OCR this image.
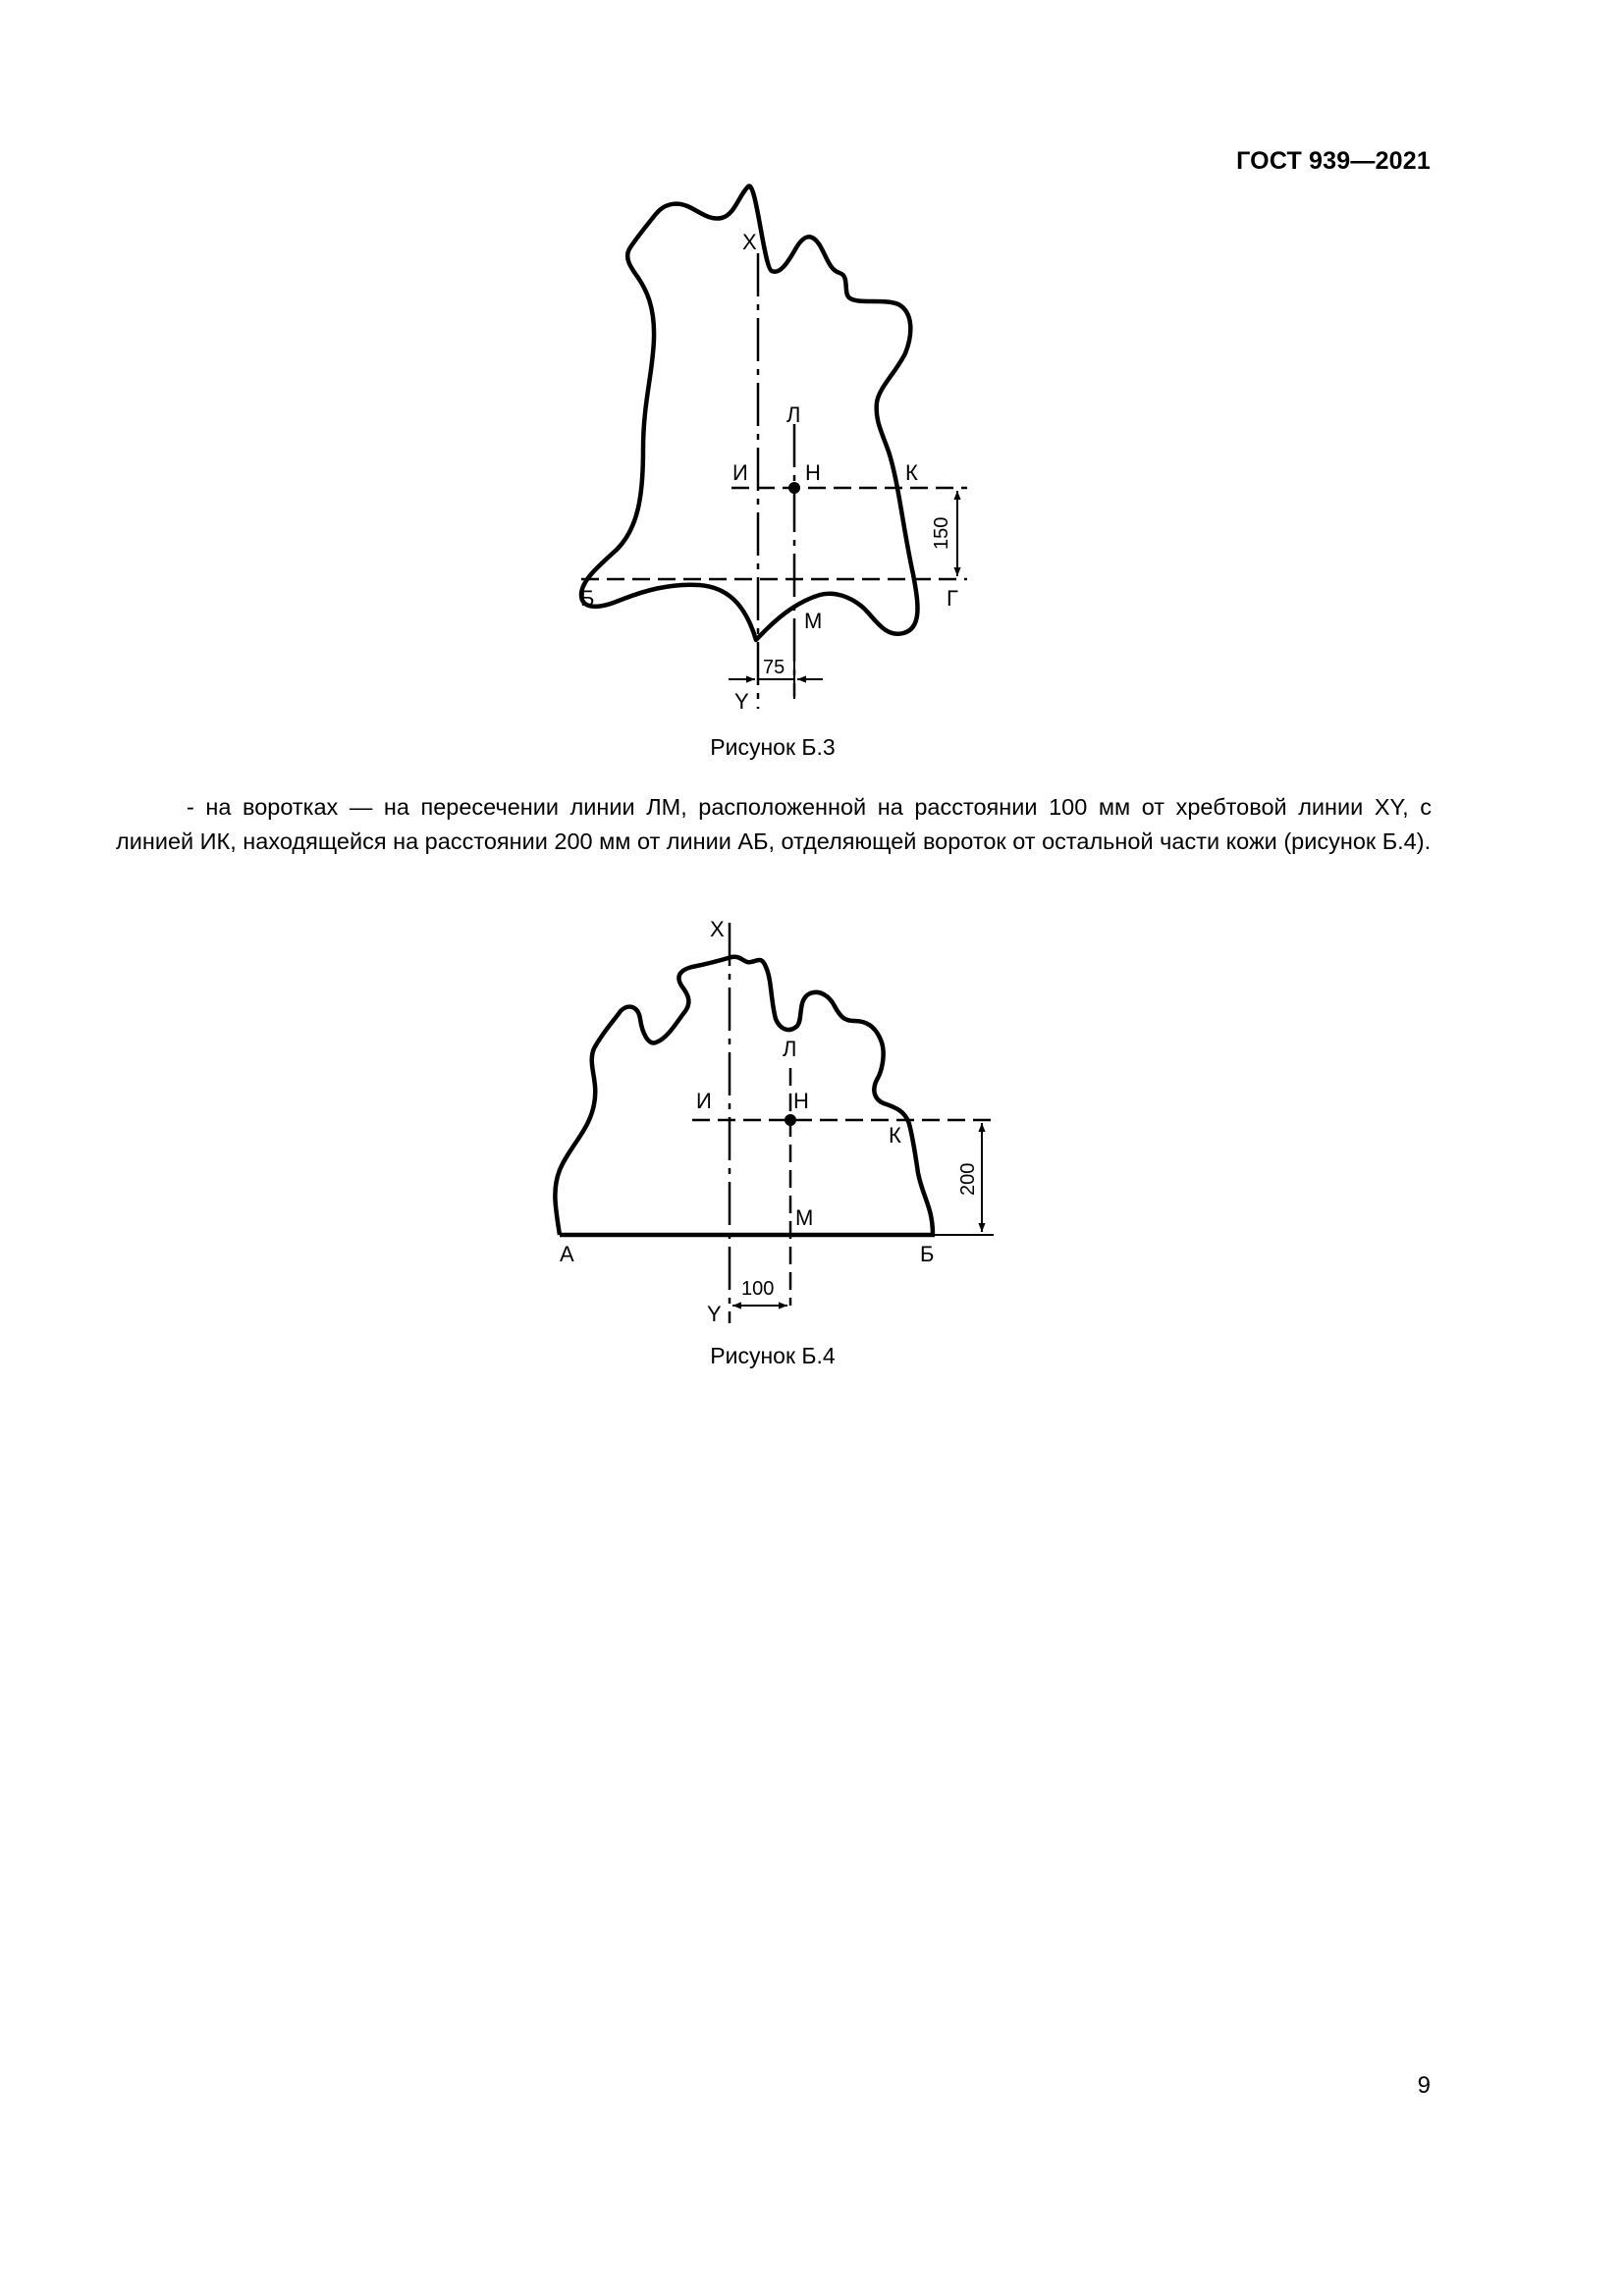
ГОСТ 939—2021
X
Л
И	Н	К
Б	Г
М
Y
150
75
Рисунок Б.3

- на воротках — на пересечении линии ЛМ, расположенной на расстоянии 100 мм от хребтовой линии XY, с линией ИК, находящейся на расстоянии 200 мм от линии АБ, отделяющей вороток от остальной части кожи (рисунок Б.4).

X
Л
И	Н
К
М
А	Б
Y
200
100
Рисунок Б.4
9
